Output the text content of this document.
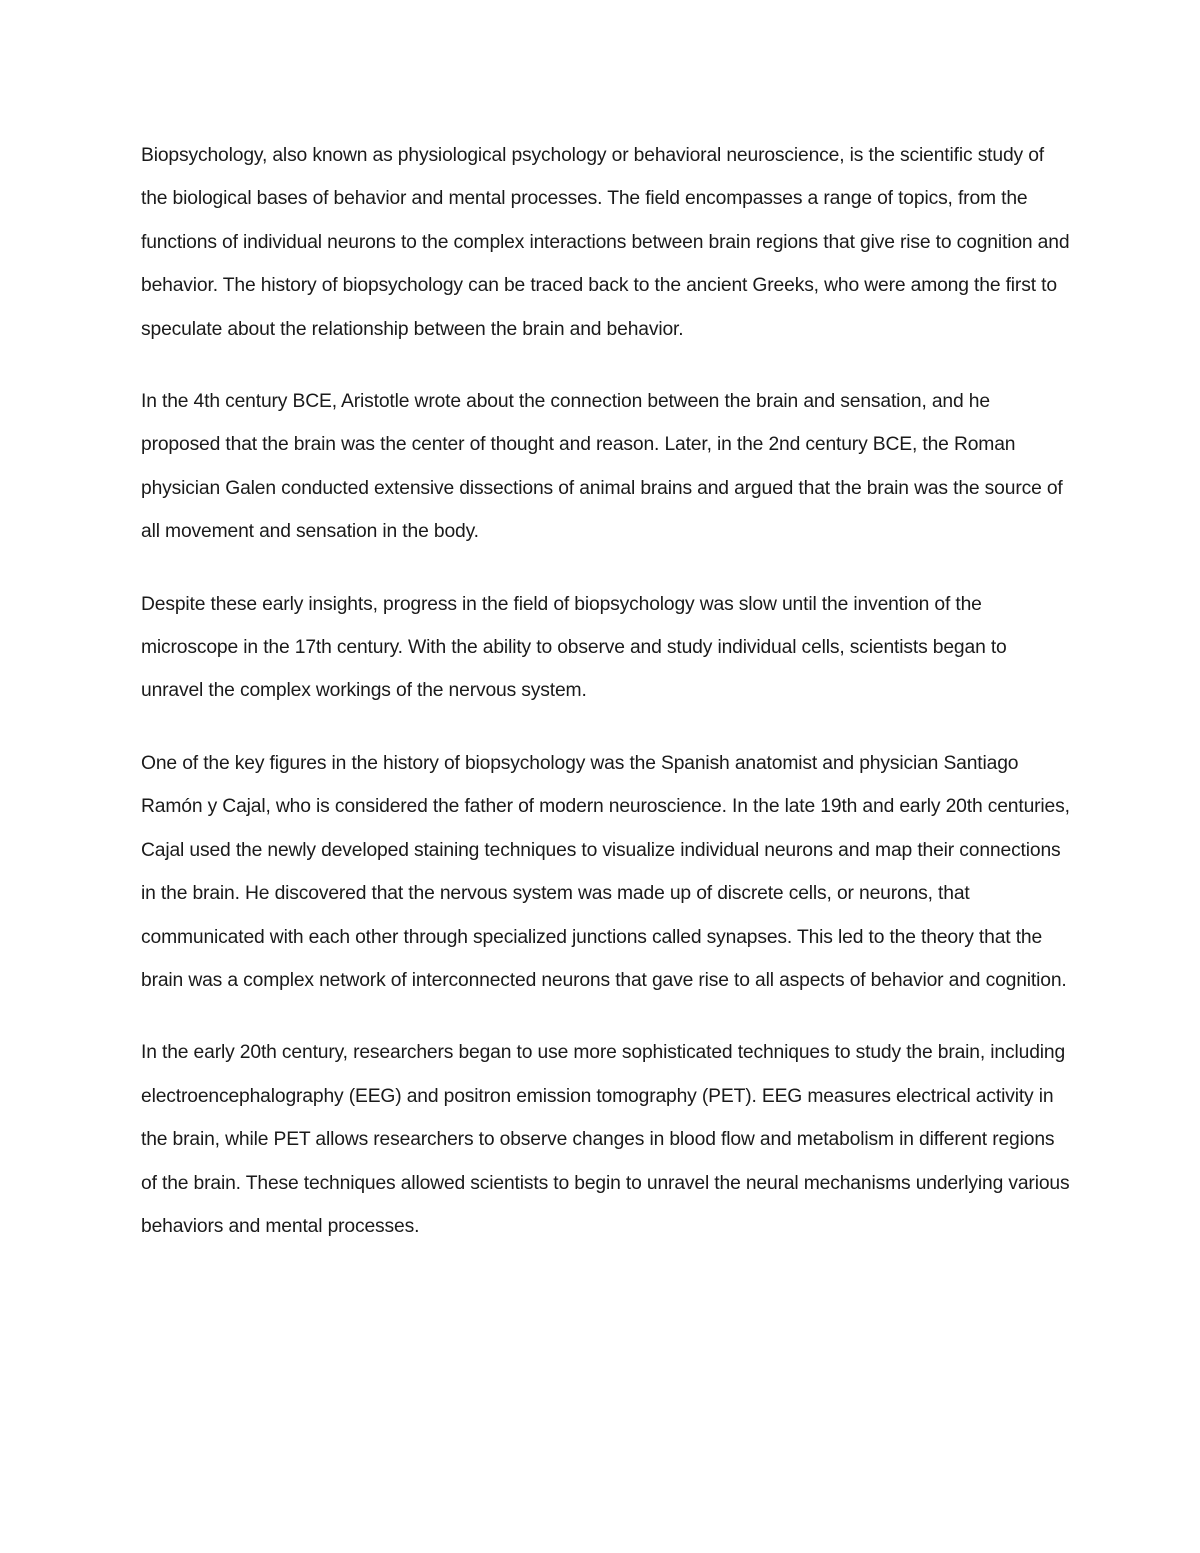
Biopsychology, also known as physiological psychology or behavioral neuroscience, is the scientific study of the biological bases of behavior and mental processes. The field encompasses a range of topics, from the functions of individual neurons to the complex interactions between brain regions that give rise to cognition and behavior. The history of biopsychology can be traced back to the ancient Greeks, who were among the first to speculate about the relationship between the brain and behavior.

In the 4th century BCE, Aristotle wrote about the connection between the brain and sensation, and he proposed that the brain was the center of thought and reason. Later, in the 2nd century BCE, the Roman physician Galen conducted extensive dissections of animal brains and argued that the brain was the source of all movement and sensation in the body.

Despite these early insights, progress in the field of biopsychology was slow until the invention of the microscope in the 17th century. With the ability to observe and study individual cells, scientists began to unravel the complex workings of the nervous system.

One of the key figures in the history of biopsychology was the Spanish anatomist and physician Santiago Ramón y Cajal, who is considered the father of modern neuroscience. In the late 19th and early 20th centuries, Cajal used the newly developed staining techniques to visualize individual neurons and map their connections in the brain. He discovered that the nervous system was made up of discrete cells, or neurons, that communicated with each other through specialized junctions called synapses. This led to the theory that the brain was a complex network of interconnected neurons that gave rise to all aspects of behavior and cognition.

In the early 20th century, researchers began to use more sophisticated techniques to study the brain, including electroencephalography (EEG) and positron emission tomography (PET). EEG measures electrical activity in the brain, while PET allows researchers to observe changes in blood flow and metabolism in different regions of the brain. These techniques allowed scientists to begin to unravel the neural mechanisms underlying various behaviors and mental processes.
